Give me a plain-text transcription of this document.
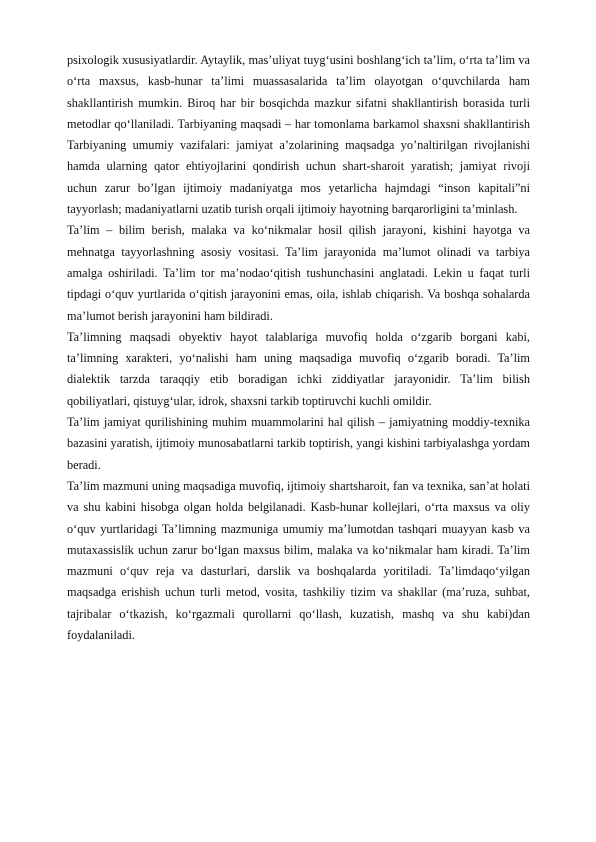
psixologik xususiyatlardir. Aytaylik, mas’uliyat tuyg‘usini boshlang‘ich ta’lim, o‘rta ta’lim va o‘rta maxsus, kasb-hunar ta’limi muassasalarida ta’lim olayotgan o‘quvchilarda ham shakllantirish mumkin. Biroq har bir bosqichda mazkur sifatni shakllantirish borasida turli metodlar qo‘llaniladi. Tarbiyaning maqsadi – har tomonlama barkamol shaxsni shakllantirish Tarbiyaning umumiy vazifalari: jamiyat a’zolarining maqsadga yo’naltirilgan rivojlanishi hamda ularning qator ehtiyojlarini qondirish uchun shart-sharoit yaratish; jamiyat rivoji uchun zarur bo’lgan ijtimoiy madaniyatga mos yetarlicha hajmdagi “inson kapitali”ni tayyorlash; madaniyatlarni uzatib turish orqali ijtimoiy hayotning barqarorligini ta’minlash.

Ta’lim – bilim berish, malaka va ko‘nikmalar hosil qilish jarayoni, kishini hayotga va mehnatga tayyorlashning asosiy vositasi. Ta’lim jarayonida ma’lumot olinadi va tarbiya amalga oshiriladi. Ta’lim tor ma’nodao‘qitish tushunchasini anglatadi. Lekin u faqat turli tipdagi o‘quv yurtlarida o‘qitish jarayonini emas, oila, ishlab chiqarish. Va boshqa sohalarda ma’lumot berish jarayonini ham bildiradi.

Ta’limning maqsadi obyektiv hayot talablariga muvofiq holda o‘zgarib borgani kabi, ta’limning xarakteri, yo‘nalishi ham uning maqsadiga muvofiq o‘zgarib boradi. Ta’lim dialektik tarzda taraqqiy etib boradigan ichki ziddiyatlar jarayonidir. Ta’lim bilish qobiliyatlari, qistuyg‘ular, idrok, shaxsni tarkib toptiruvchi kuchli omildir.

Ta’lim jamiyat qurilishining muhim muammolarini hal qilish – jamiyatning moddiy-texnika bazasini yaratish, ijtimoiy munosabatlarni tarkib toptirish, yangi kishini tarbiyalashga yordam beradi.

Ta’lim mazmuni uning maqsadiga muvofiq, ijtimoiy shartsharoit, fan va texnika, san’at holati va shu kabini hisobga olgan holda belgilanadi. Kasb-hunar kollejlari, o‘rta maxsus va oliy o‘quv yurtlaridagi Ta’limning mazmuniga umumiy ma’lumotdan tashqari muayyan kasb va mutaxassislik uchun zarur bo‘lgan maxsus bilim, malaka va ko‘nikmalar ham kiradi. Ta’lim mazmuni o‘quv reja va dasturlari, darslik va boshqalarda yoritiladi. Ta’limdaqo‘yilgan maqsadga erishish uchun turli metod, vosita, tashkiliy tizim va shakllar (ma’ruza, suhbat, tajribalar o‘tkazish, ko‘rgazmali qurollarni qo‘llash, kuzatish, mashq va shu kabi)dan foydalaniladi.
